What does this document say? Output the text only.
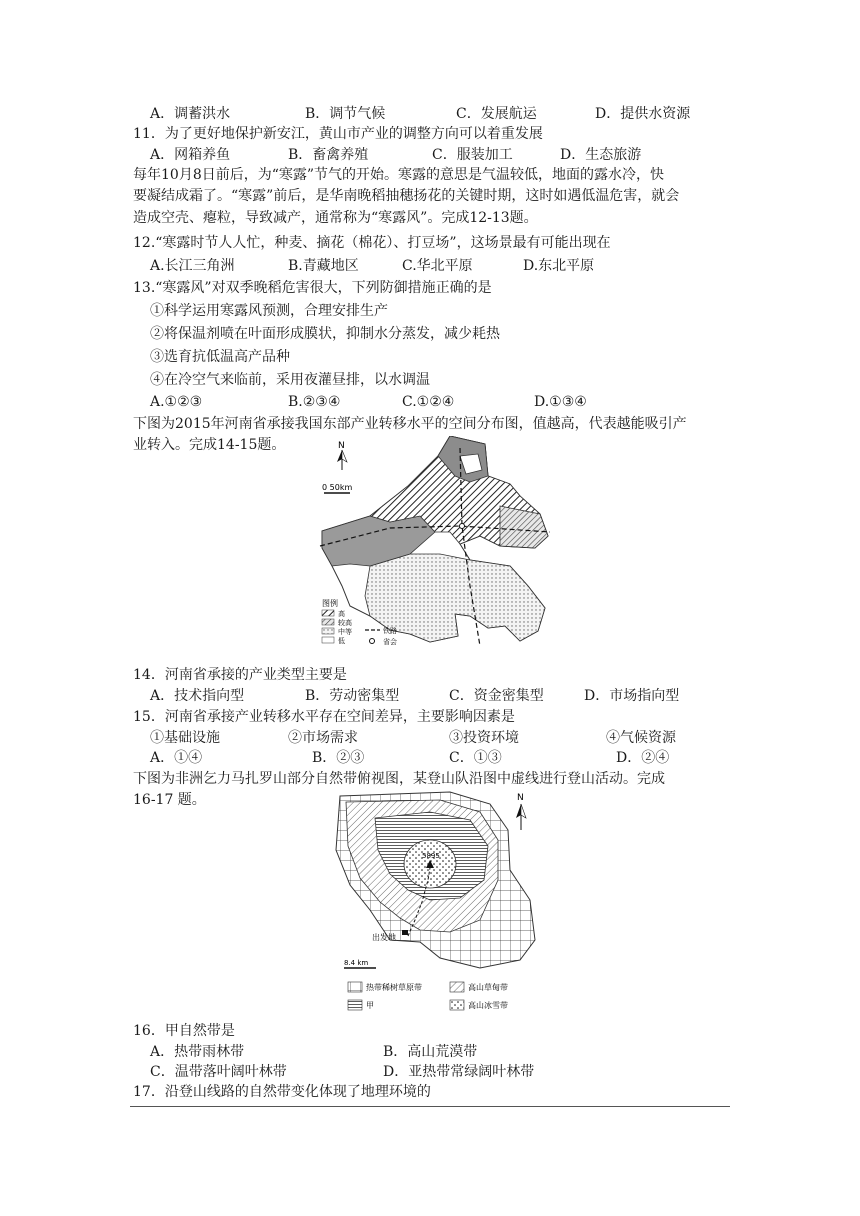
A．调蓄洪水	B．调节气候	C．发展航运	D．提供水资源
11．为了更好地保护新安江，黄山市产业的调整方向可以着重发展
A．网箱养鱼	B．畜禽养殖	C．服装加工	D．生态旅游
每年10月8日前后，为“寒露”节气的开始。寒露的意思是气温较低，地面的露水冷，快
要凝结成霜了。“寒露”前后，是华南晚稻抽穗扬花的关键时期，这时如遇低温危害，就会
造成空壳、瘪粒，导致减产，通常称为“寒露风”。完成12-13题。
12.“寒露时节人人忙，种麦、摘花（棉花）、打豆场”，这场景最有可能出现在
A.长江三角洲	B.青藏地区	C.华北平原	D.东北平原
13.“寒露风”对双季晚稻危害很大，下列防御措施正确的是
①科学运用寒露风预测，合理安排生产
②将保温剂喷在叶面形成膜状，抑制水分蒸发，减少耗热
③选育抗低温高产品种
④在冷空气来临前，采用夜灌昼排，以水调温
A.①②③	B.②③④	C.①②④	D.①③④
下图为2015年河南省承接我国东部产业转移水平的空间分布图，值越高，代表越能吸引产
业转入。完成14-15题。	N
0 50km
图例
高
较高
中等
低
铁路
省会
14．河南省承接的产业类型主要是
A．技术指向型	B．劳动密集型	C．资金密集型	D．市场指向型
15．河南省承接产业转移水平存在空间差异，主要影响因素是
①基础设施	②市场需求	③投资环境	④气候资源
A．①④	B．②③	C．①③	D．②④
下图为非洲乞力马扎罗山部分自然带俯视图，某登山队沿图中虚线进行登山活动。完成
16-17 题。
5895
出发地
N
8.4 km
热带稀树草原带	高山草甸带
甲	高山冰雪带
16．甲自然带是
A．热带雨林带	B．高山荒漠带
C．温带落叶阔叶林带	D．亚热带常绿阔叶林带
17．沿登山线路的自然带变化体现了地理环境的
